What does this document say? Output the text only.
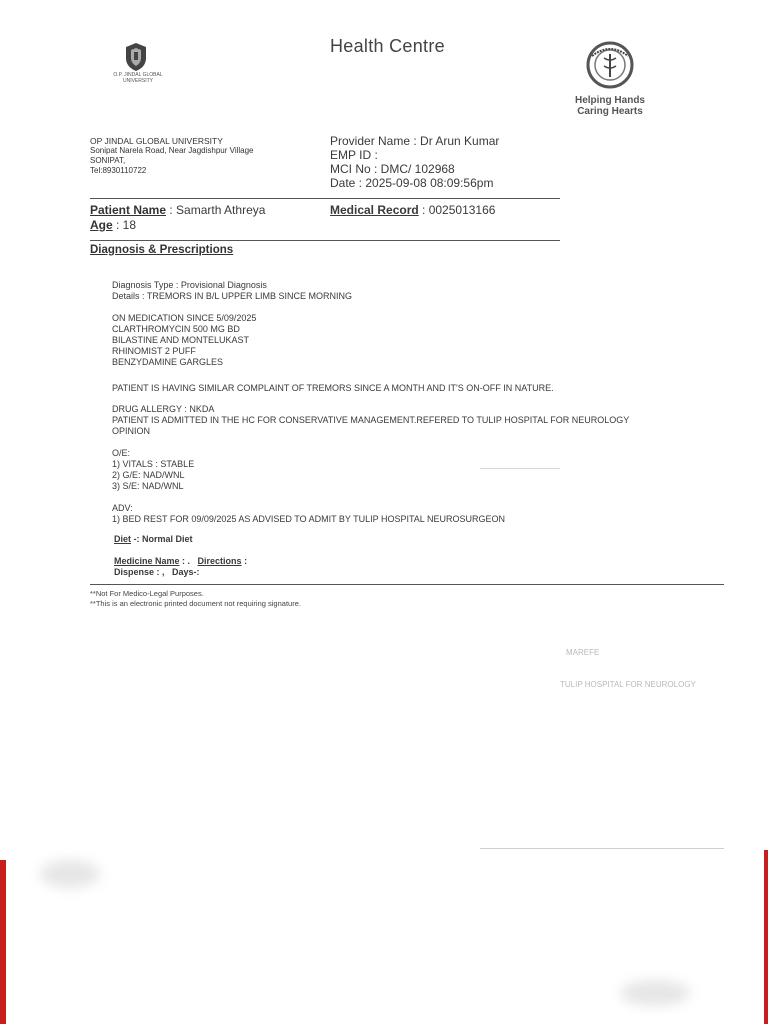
O.P. JINDAL GLOBAL UNIVERSITY
Health Centre
Helping Hands
Caring Hearts
OP JINDAL GLOBAL UNIVERSITY
Sonipat Narela Road, Near Jagdishpur Village
SONIPAT,
Tel:8930110722
Provider Name : Dr Arun Kumar
EMP ID :
MCI No : DMC/ 102968
Date : 2025-09-08 08:09:56pm
Patient Name : Samarth Athreya
Age : 18
Medical Record : 0025013166
Diagnosis & Prescriptions
Diagnosis Type : Provisional Diagnosis
Details : TREMORS IN B/L UPPER LIMB SINCE MORNING
ON MEDICATION SINCE 5/09/2025
CLARTHROMYCIN 500 MG BD
BILASTINE AND MONTELUKAST
RHINOMIST 2 PUFF
BENZYDAMINE GARGLES
PATIENT IS HAVING SIMILAR COMPLAINT OF TREMORS SINCE A MONTH AND IT'S ON-OFF IN NATURE.
DRUG ALLERGY : NKDA
PATIENT IS ADMITTED IN THE HC FOR CONSERVATIVE MANAGEMENT.REFERED TO TULIP HOSPITAL FOR NEUROLOGY
OPINION
O/E:
1) VITALS : STABLE
2) G/E: NAD/WNL
3) S/E: NAD/WNL
ADV:
1) BED REST FOR 09/09/2025 AS ADVISED TO ADMIT BY TULIP HOSPITAL NEUROSURGEON
Diet -: Normal Diet
Medicine Name : . Directions :
Dispense : , Days-:
**Not For Medico-Legal Purposes.
**This is an electronic printed document not requiring signature.
MAREFE
TULIP HOSPITAL FOR NEUROLOGY
